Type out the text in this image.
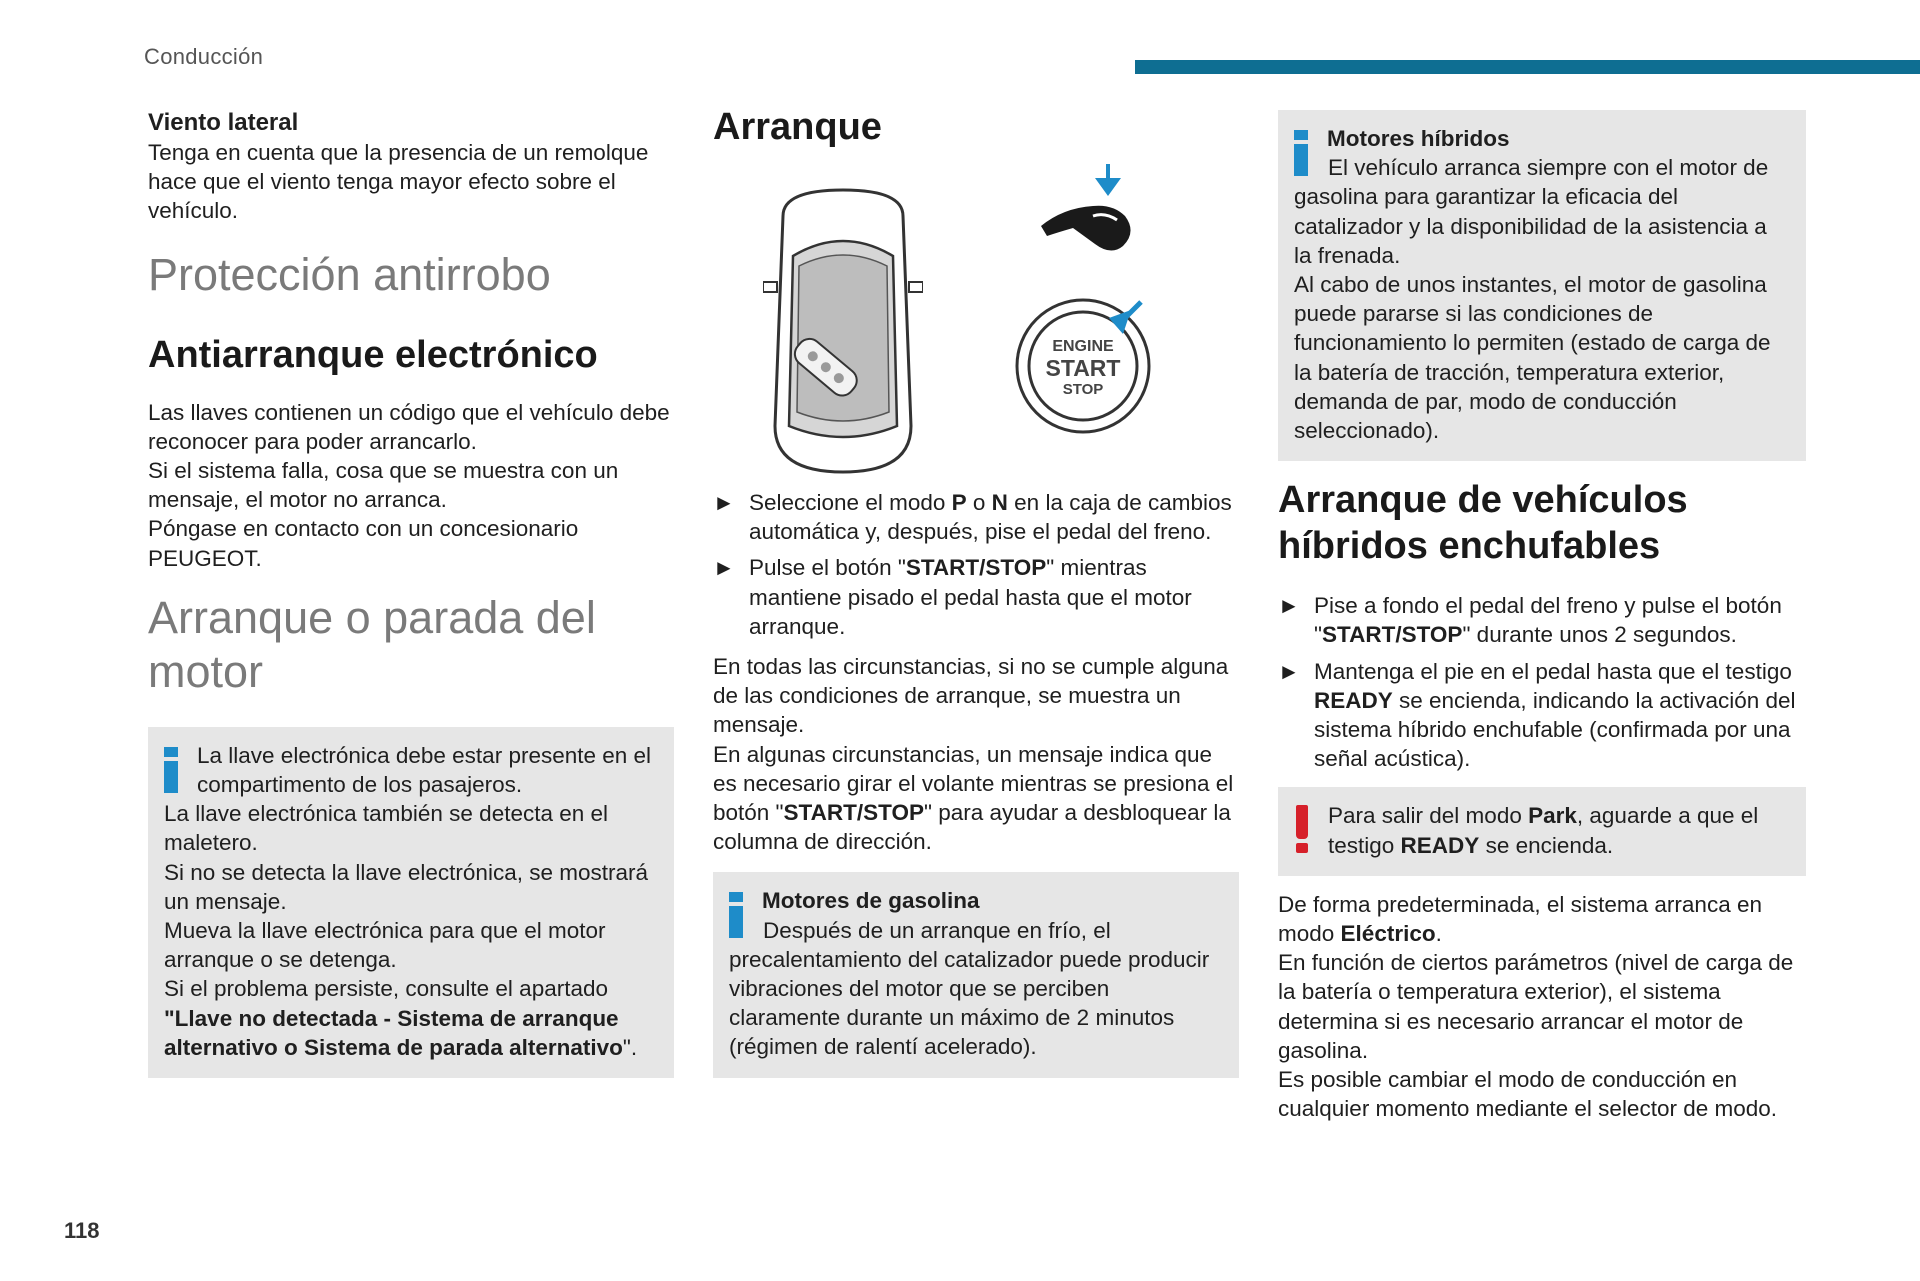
Conducción
Viento lateral
Tenga en cuenta que la presencia de un remolque hace que el viento tenga mayor efecto sobre el vehículo.
Protección antirrobo
Antiarranque electrónico
Las llaves contienen un código que el vehículo debe reconocer para poder arrancarlo.
Si el sistema falla, cosa que se muestra con un mensaje, el motor no arranca.
Póngase en contacto con un concesionario PEUGEOT.
Arranque o parada del motor
La llave electrónica debe estar presente en el compartimento de los pasajeros.
La llave electrónica también se detecta en el maletero.
Si no se detecta la llave electrónica, se mostrará un mensaje.
Mueva la llave electrónica para que el motor arranque o se detenga.
Si el problema persiste, consulte el apartado "Llave no detectada - Sistema de arranque alternativo o Sistema de parada alternativo".
Arranque
ENGINE
START
STOP
► Seleccione el modo P o N en la caja de cambios automática y, después, pise el pedal del freno.
► Pulse el botón "START/STOP" mientras mantiene pisado el pedal hasta que el motor arranque.
En todas las circunstancias, si no se cumple alguna de las condiciones de arranque, se muestra un mensaje.
En algunas circunstancias, un mensaje indica que es necesario girar el volante mientras se presiona el botón "START/STOP" para ayudar a desbloquear la columna de dirección.
Motores de gasolina
Después de un arranque en frío, el precalentamiento del catalizador puede producir vibraciones del motor que se perciben claramente durante un máximo de 2 minutos (régimen de ralentí acelerado).
Motores híbridos
El vehículo arranca siempre con el motor de gasolina para garantizar la eficacia del catalizador y la disponibilidad de la asistencia a la frenada.
Al cabo de unos instantes, el motor de gasolina puede pararse si las condiciones de funcionamiento lo permiten (estado de carga de la batería de tracción, temperatura exterior, demanda de par, modo de conducción seleccionado).
Arranque de vehículos híbridos enchufables
► Pise a fondo el pedal del freno y pulse el botón "START/STOP" durante unos 2 segundos.
► Mantenga el pie en el pedal hasta que el testigo READY se encienda, indicando la activación del sistema híbrido enchufable (confirmada por una señal acústica).
Para salir del modo Park, aguarde a que el testigo READY se encienda.
De forma predeterminada, el sistema arranca en modo Eléctrico.
En función de ciertos parámetros (nivel de carga de la batería o temperatura exterior), el sistema determina si es necesario arrancar el motor de gasolina.
Es posible cambiar el modo de conducción en cualquier momento mediante el selector de modo.
118
